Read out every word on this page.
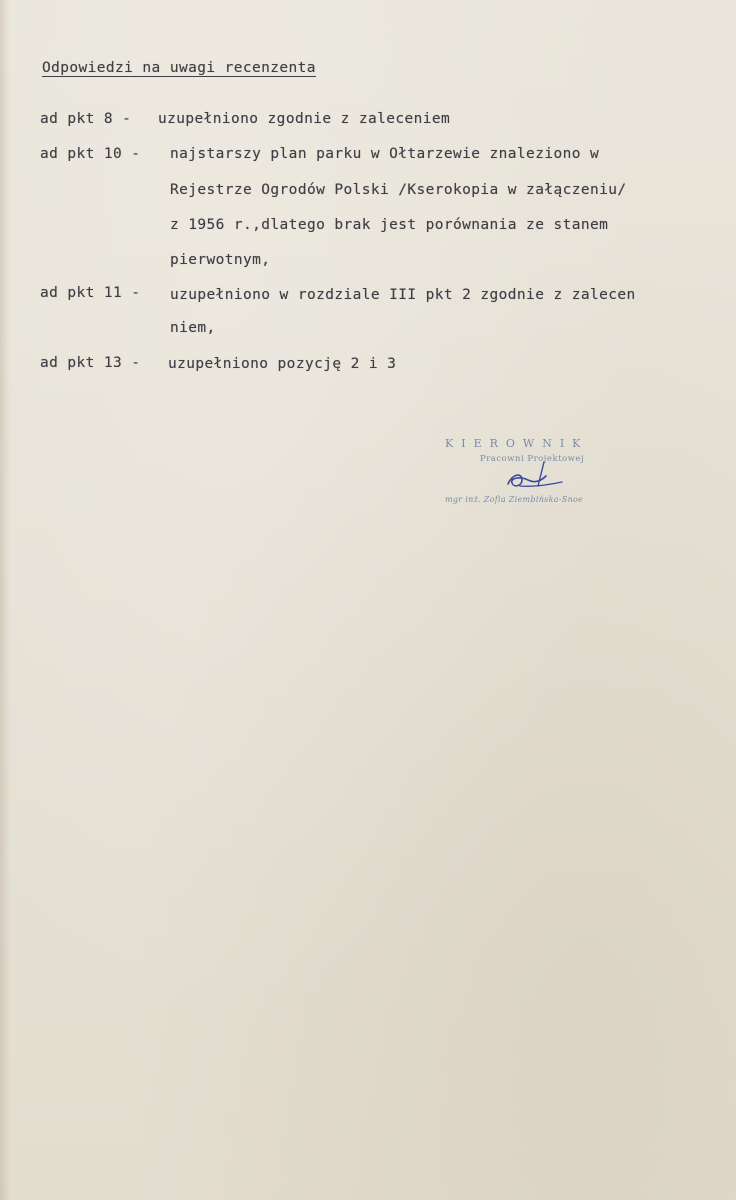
Odpowiedzi na uwagi recenzenta
ad pkt 8 - uzupełniono zgodnie z zaleceniem
ad pkt 10 - najstarszy plan parku w Ołtarzewie znaleziono w
Rejestrze Ogrodów Polski /Kserokopia w załączeniu/
z 1956 r.,dlatego brak jest porównania ze stanem
pierwotnym,
ad pkt 11 - uzupełniono w rozdziale III pkt 2 zgodnie z zalecen
niem,
ad pkt 13 - uzupełniono pozycję 2 i 3
KIEROWNIK
Pracowni Projektowej
mgr inż. Zofia Ziembińska-Snoe
